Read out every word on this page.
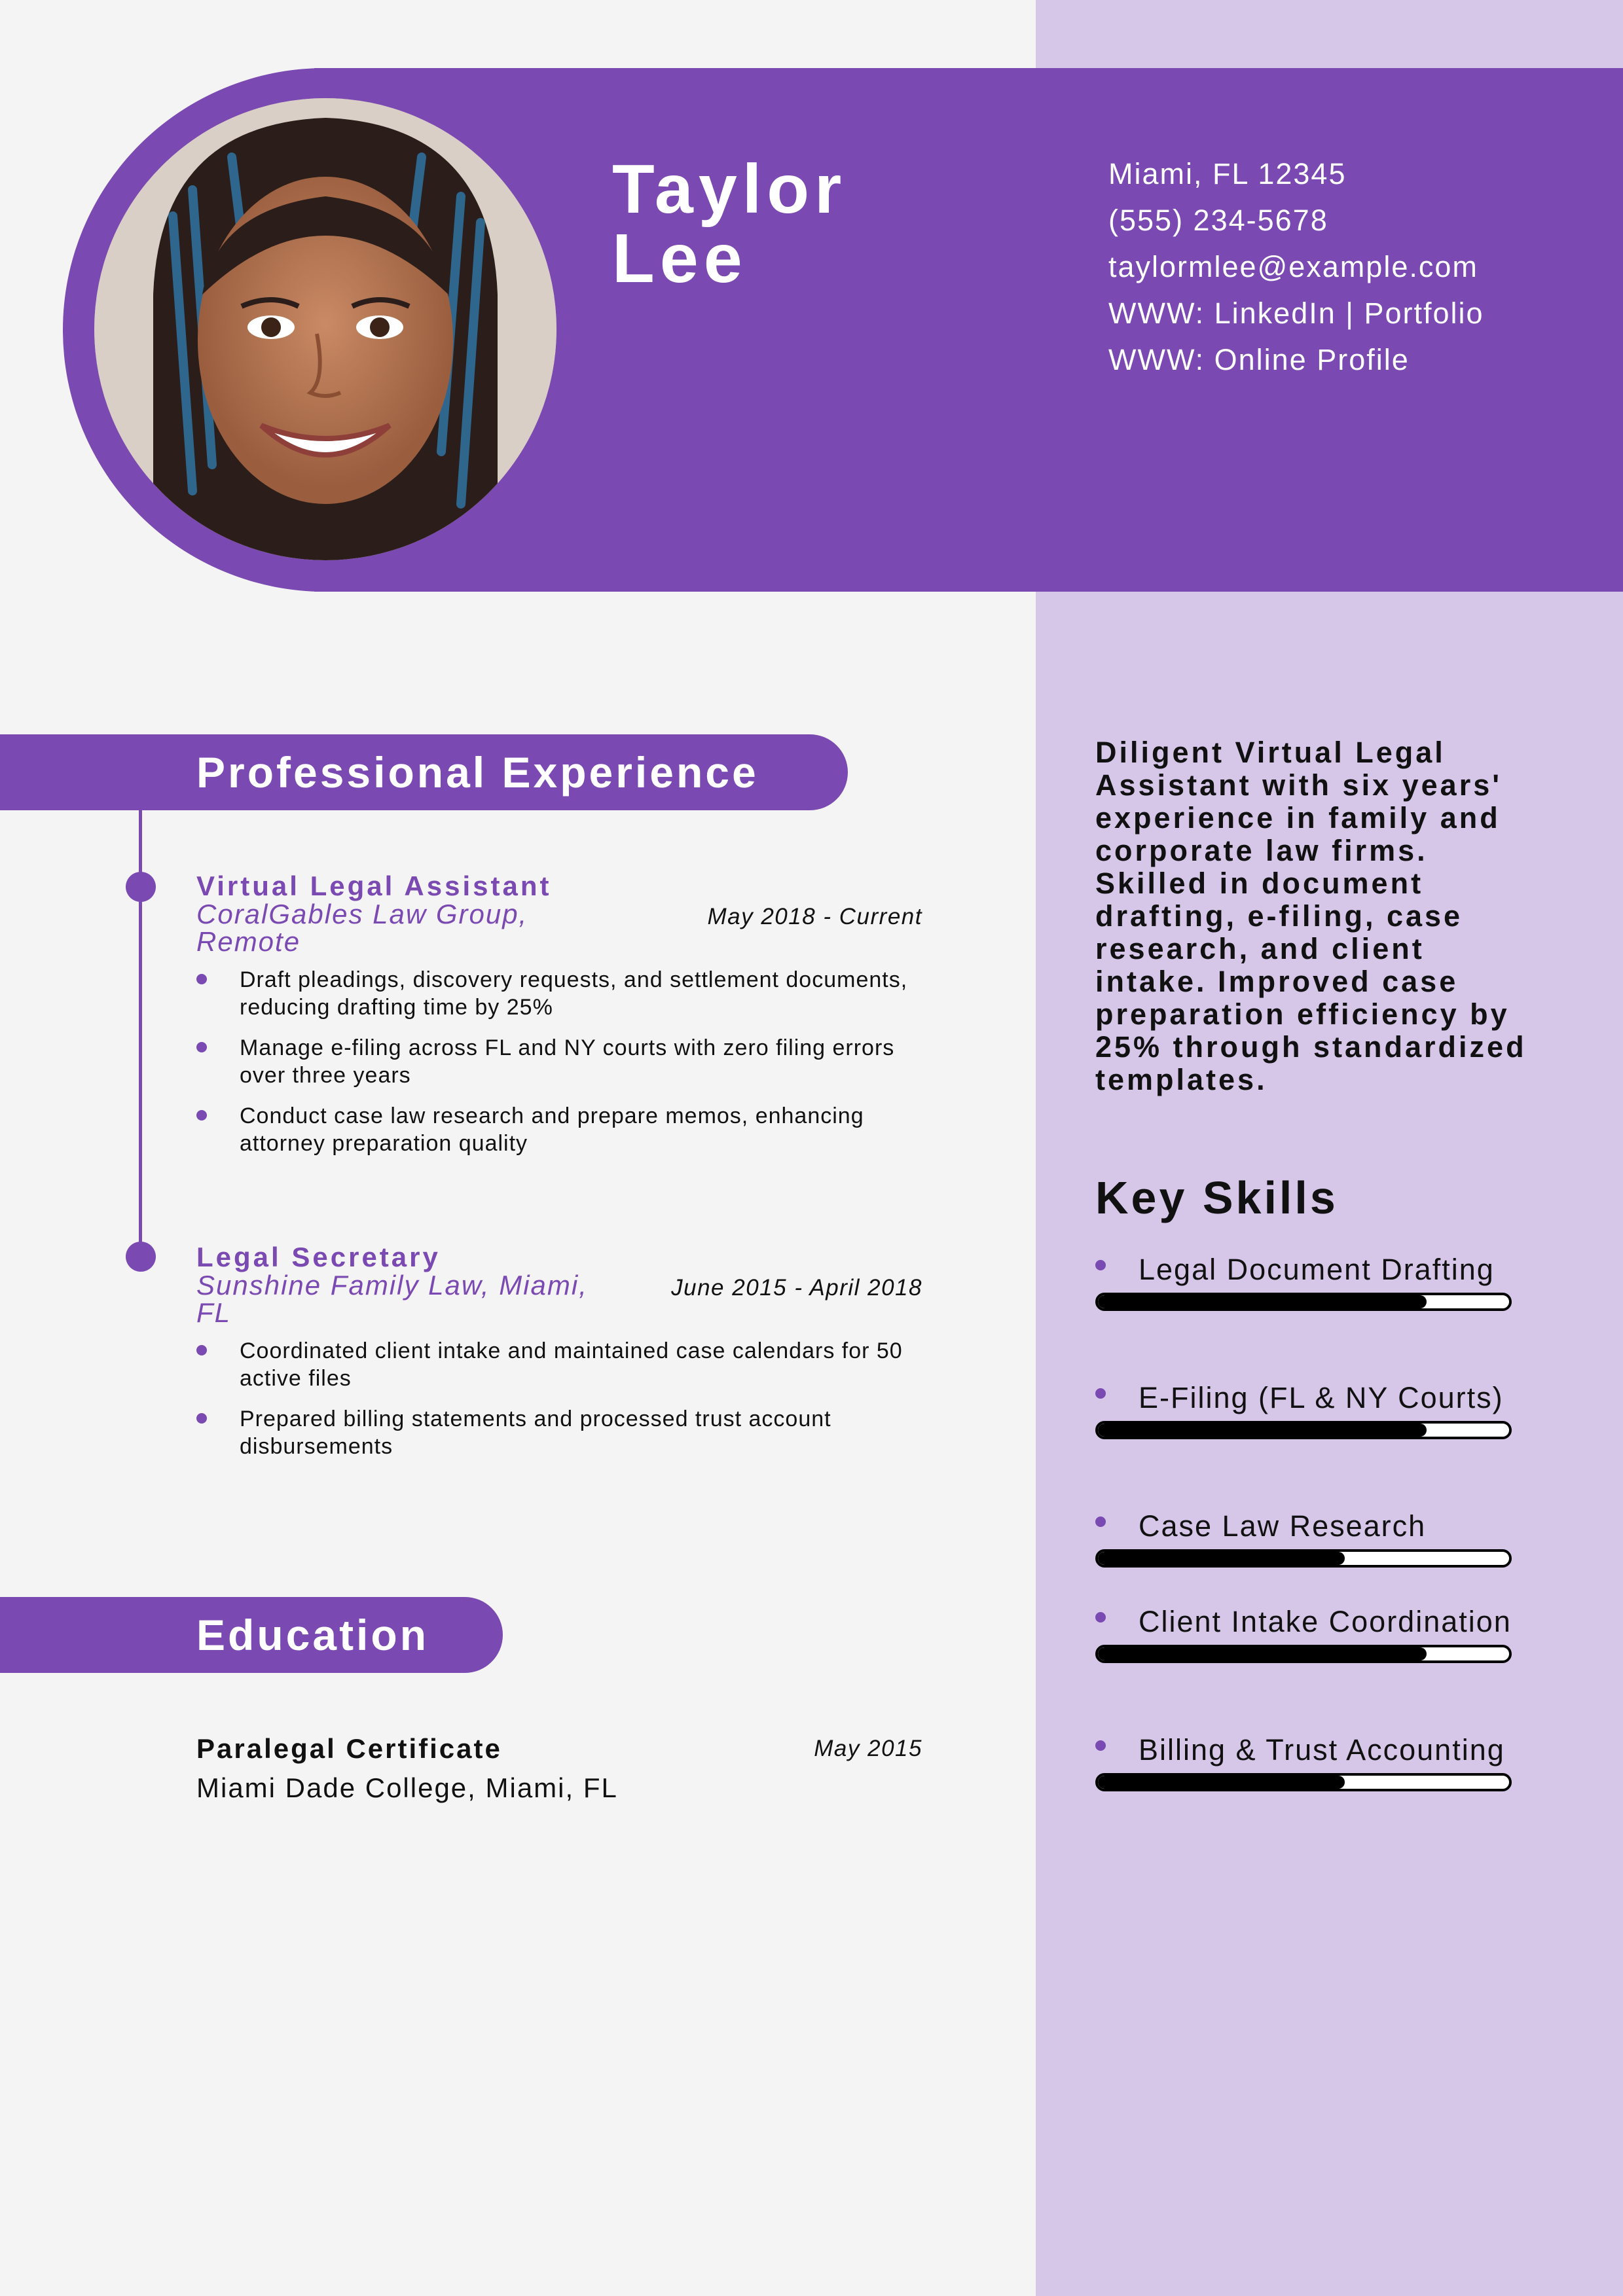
Taylor
Lee
Miami, FL 12345
(555) 234-5678
taylormlee@example.com
WWW: LinkedIn | Portfolio
WWW: Online Profile
Professional Experience
Virtual Legal Assistant
CoralGables Law Group, Remote
May 2018 - Current
Draft pleadings, discovery requests, and settlement documents, reducing drafting time by 25%
Manage e-filing across FL and NY courts with zero filing errors over three years
Conduct case law research and prepare memos, enhancing attorney preparation quality
Legal Secretary
Sunshine Family Law, Miami, FL
June 2015 - April 2018
Coordinated client intake and maintained case calendars for 50 active files
Prepared billing statements and processed trust account disbursements
Education
Paralegal Certificate	May 2015
Miami Dade College, Miami, FL

Diligent Virtual Legal Assistant with six years' experience in family and corporate law firms. Skilled in document drafting, e-filing, case research, and client intake. Improved case preparation efficiency by 25% through standardized templates.

Key Skills
Legal Document Drafting
E-Filing (FL & NY Courts)
Case Law Research
Client Intake Coordination
Billing & Trust Accounting
